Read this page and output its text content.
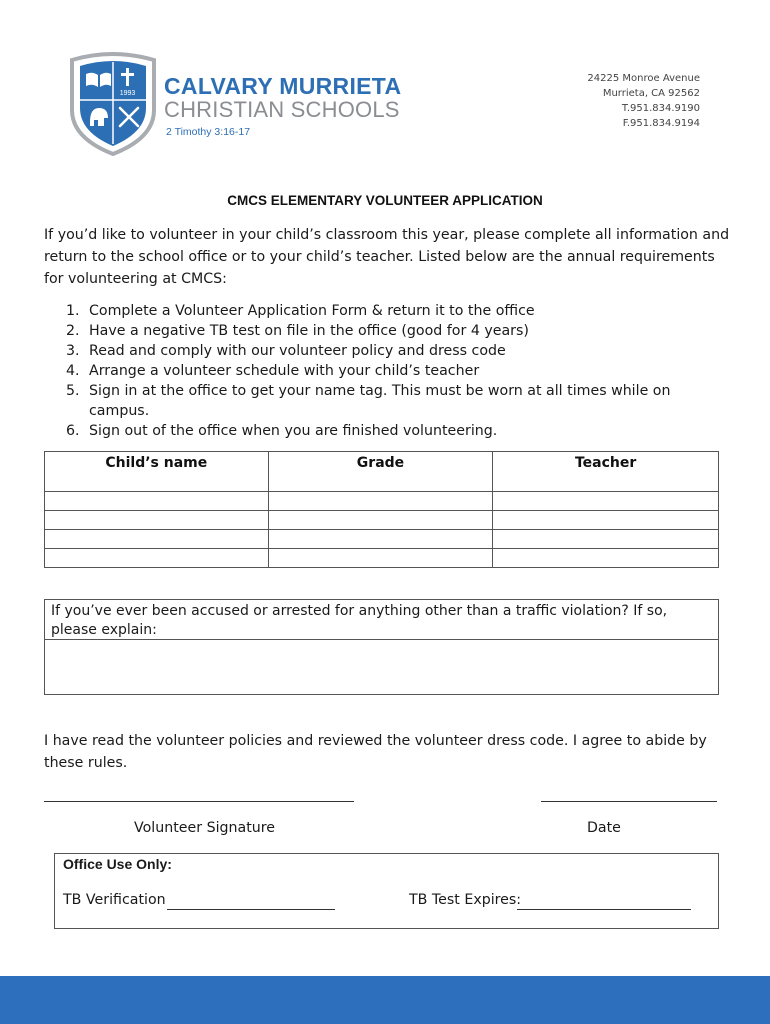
1993 CALVARY MURRIETA
CHRISTIAN SCHOOLS
2 Timothy 3:16-17
24225 Monroe Avenue
Murrieta, CA 92562
T.951.834.9190
F.951.834.9194
CMCS ELEMENTARY VOLUNTEER APPLICATION
If you’d like to volunteer in your child’s classroom this year, please complete all information and return to the school office or to your child’s teacher. Listed below are the annual requirements for volunteering at CMCS:
1. Complete a Volunteer Application Form & return it to the office
2. Have a negative TB test on file in the office (good for 4 years)
3. Read and comply with our volunteer policy and dress code
4. Arrange a volunteer schedule with your child’s teacher
5. Sign in at the office to get your name tag. This must be worn at all times while on campus.
6. Sign out of the office when you are finished volunteering.
Child’s name	Grade	Teacher

If you’ve ever been accused or arrested for anything other than a traffic violation? If so, please explain:
I have read the volunteer policies and reviewed the volunteer dress code. I agree to abide by these rules.
Volunteer Signature	Date
Office Use Only:
TB Verification	TB Test Expires:
